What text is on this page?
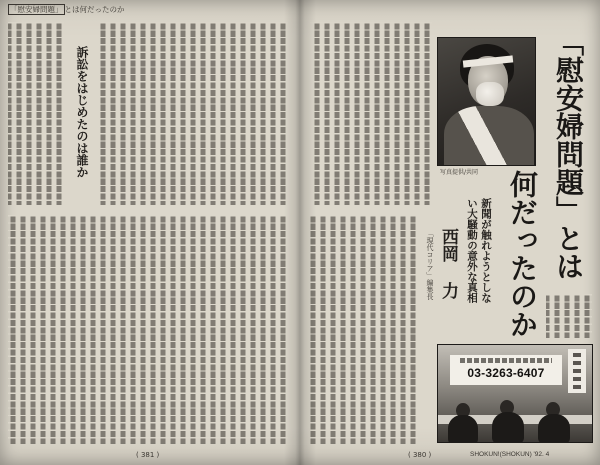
「慰安婦問題」 とは何だったのか
訴訟をはじめたのは誰か
( 381 )
写真提供/共同	「慰安婦問題」とは
何だったのか
新聞が触れようとしな
い大騒動の意外な真相
西岡 力
「現代コリア」編集長
03-3263-6407
( 380 )	SHOKUN!(SHOKUN) '92. 4
